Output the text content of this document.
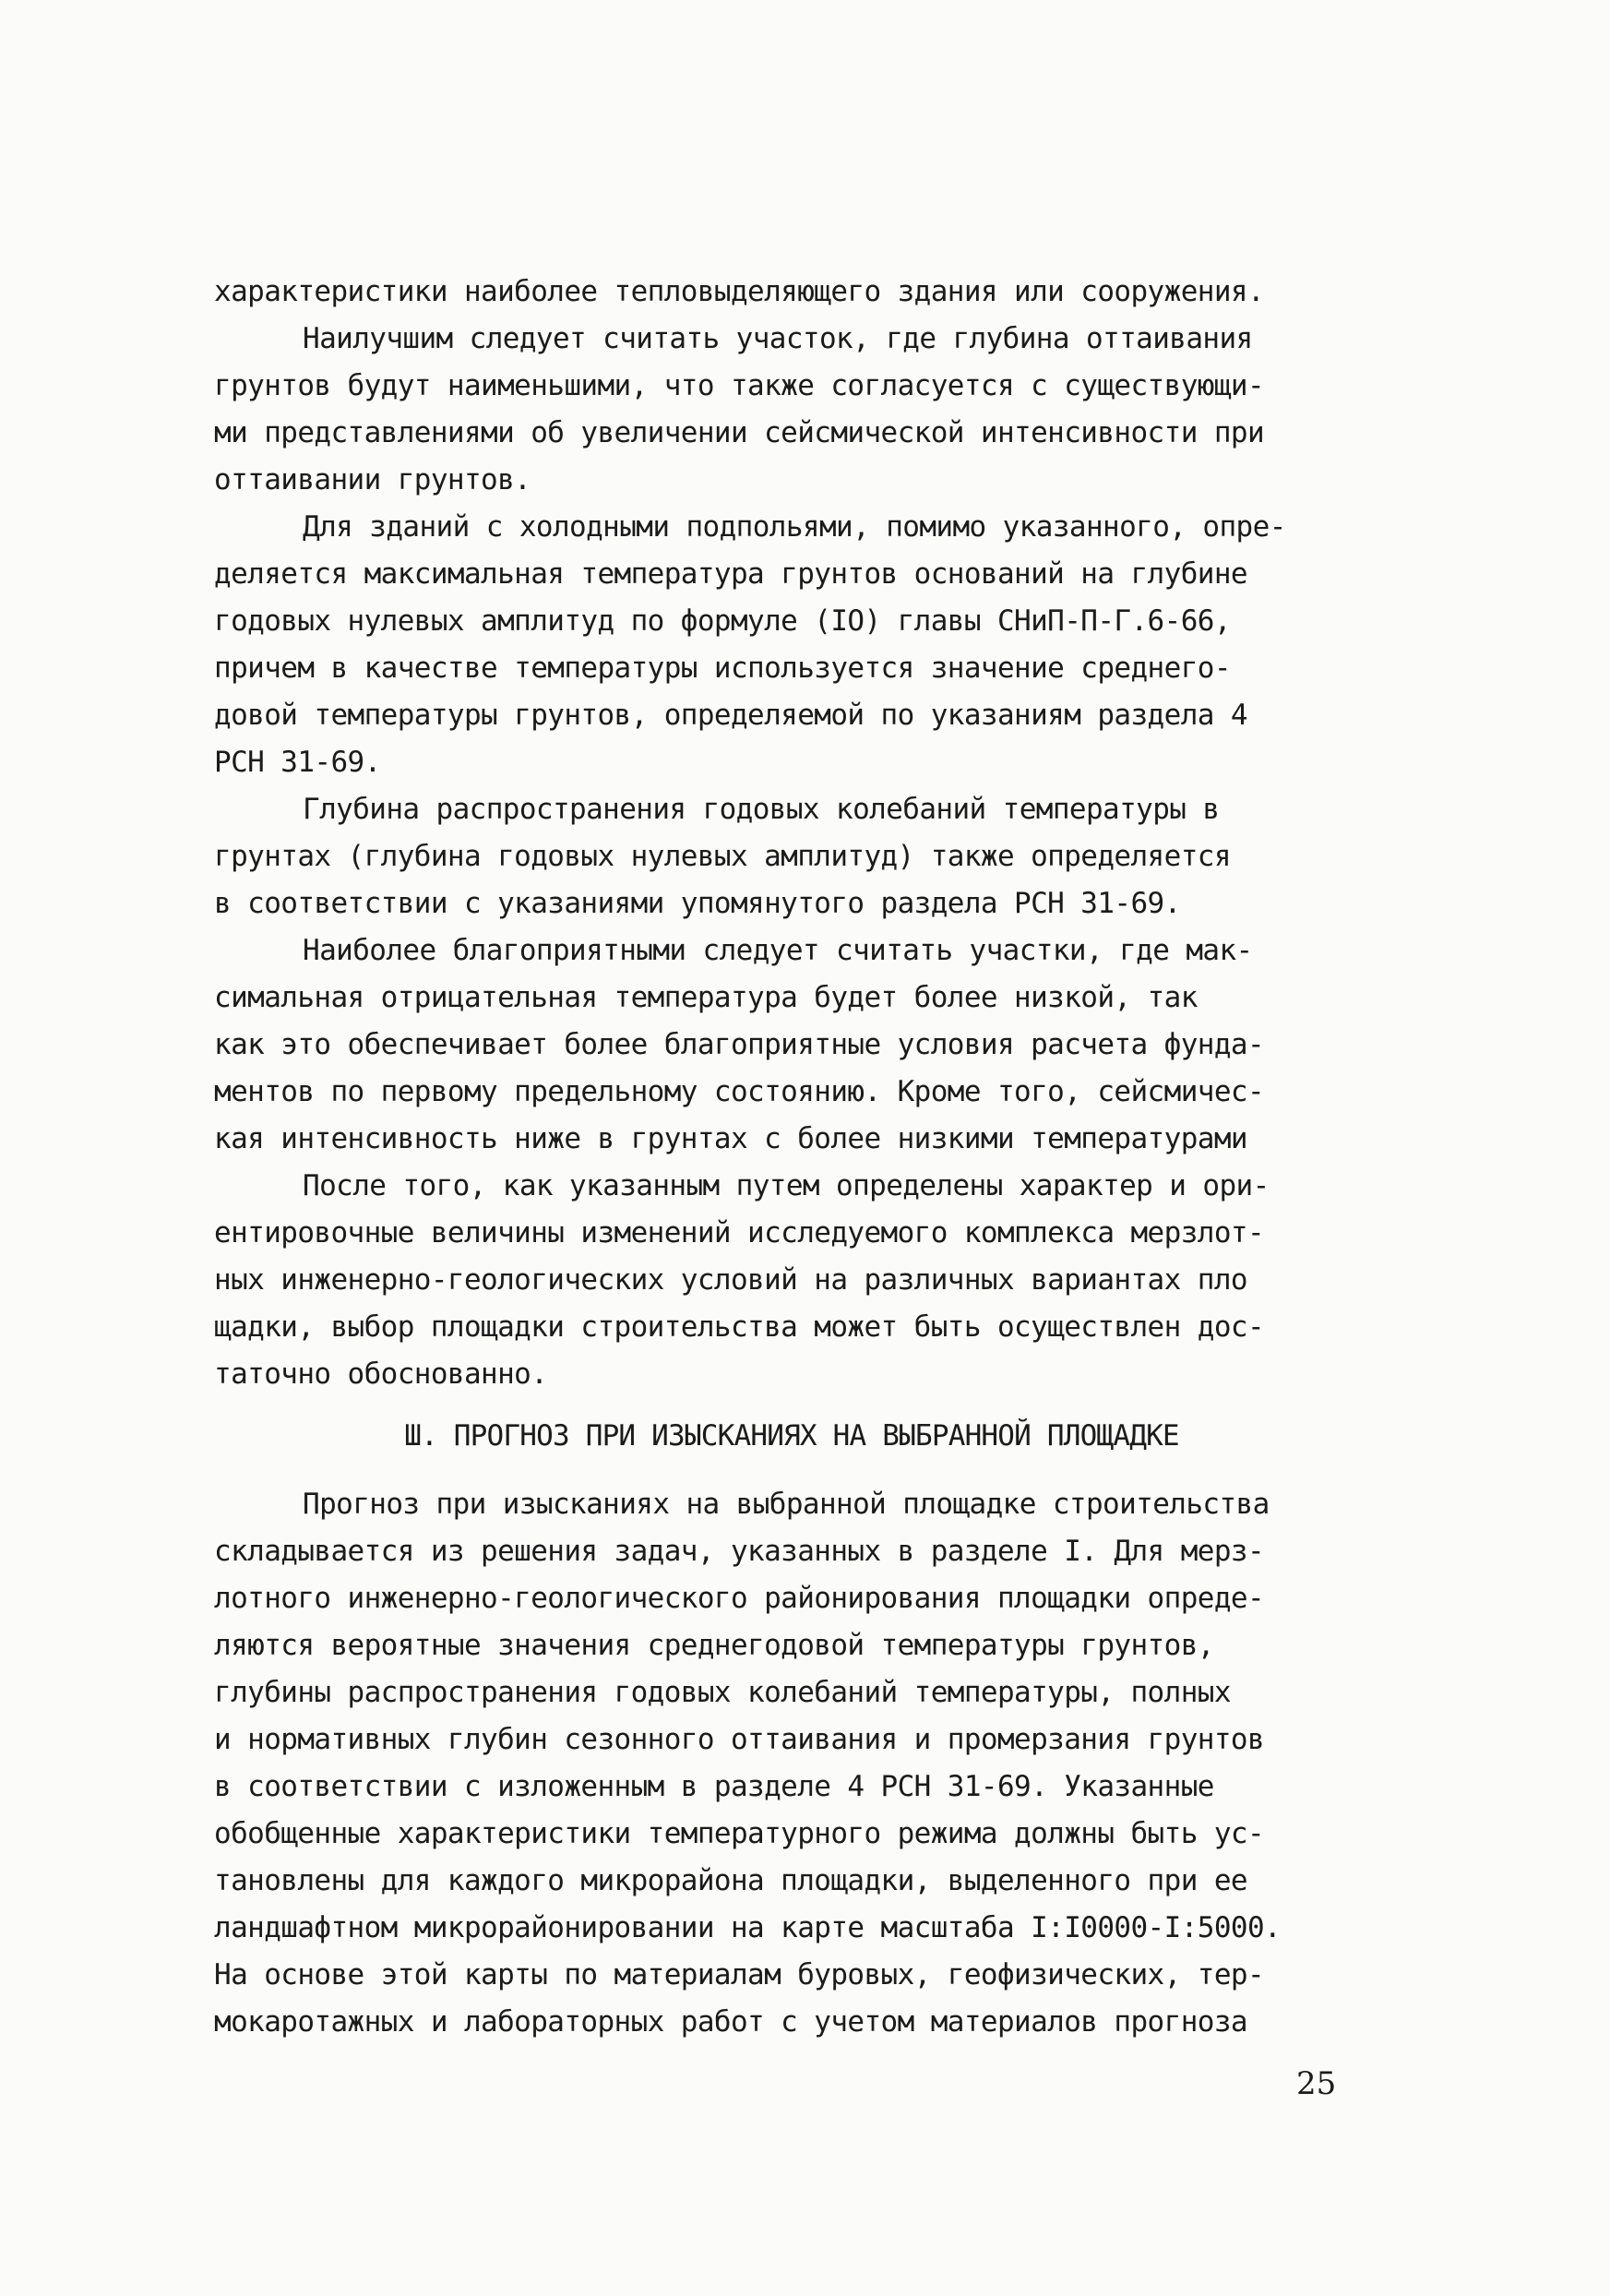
характеристики наиболее тепловыделяющего здания или сооружения.
Наилучшим следует считать участок, где глубина оттаивания
грунтов будут наименьшими, что также согласуется с существующи-
ми представлениями об увеличении сейсмической интенсивности при
оттаивании грунтов.
Для зданий с холодными подпольями, помимо указанного, опре-
деляется максимальная температура грунтов оснований на глубине
годовых нулевых амплитуд по формуле (IO) главы СНиП-П-Г.6-66,
причем в качестве температуры используется значение среднего-
довой температуры грунтов, определяемой по указаниям раздела 4
РСН 31-69.
Глубина распространения годовых колебаний температуры в
грунтах (глубина годовых нулевых амплитуд) также определяется
в соответствии с указаниями упомянутого раздела РСН 31-69.
Наиболее благоприятными следует считать участки, где мак-
симальная отрицательная температура будет более низкой, так
как это обеспечивает более благоприятные условия расчета фунда-
ментов по первому предельному состоянию. Кроме того, сейсмичес-
кая интенсивность ниже в грунтах с более низкими температурами
После того, как указанным путем определены характер и ори-
ентировочные величины изменений исследуемого комплекса мерзлот-
ных инженерно-геологических условий на различных вариантах пло
щадки, выбор площадки строительства может быть осуществлен дос-
таточно обоснованно.
Ш. ПРОГНОЗ ПРИ ИЗЫСКАНИЯХ НА ВЫБРАННОЙ ПЛОЩАДКЕ
Прогноз при изысканиях на выбранной площадке строительства
складывается из решения задач, указанных в разделе I. Для мерз-
лотного инженерно-геологического районирования площадки опреде-
ляются вероятные значения среднегодовой температуры грунтов,
глубины распространения годовых колебаний температуры, полных
и нормативных глубин сезонного оттаивания и промерзания грунтов
в соответствии с изложенным в разделе 4 РСН 31-69. Указанные
обобщенные характеристики температурного режима должны быть ус-
тановлены для каждого микрорайона площадки, выделенного при ее
ландшафтном микрорайонировании на карте масштаба I:I0000-I:5000.
На основе этой карты по материалам буровых, геофизических, тер-
мокаротажных и лабораторных работ с учетом материалов прогноза
25
